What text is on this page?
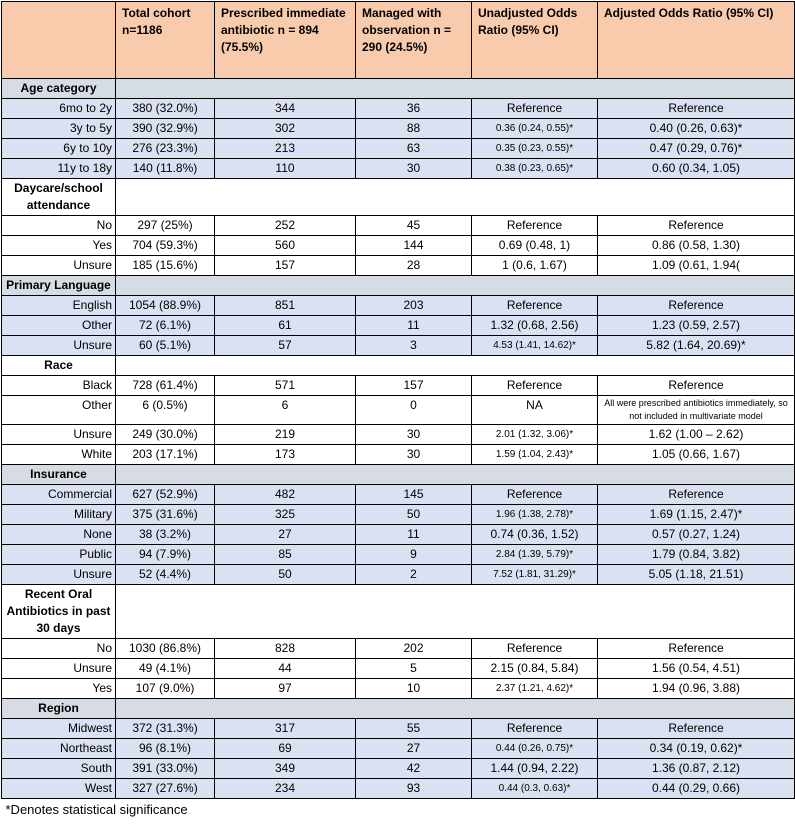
	Total cohort n=1186	Prescribed immediate antibiotic n = 894 (75.5%)	Managed with observation n = 290 (24.5%)	Unadjusted Odds Ratio (95% CI)	Adjusted Odds Ratio (95% CI)
Age category					
6mo to 2y	380 (32.0%)	344	36	Reference	Reference
3y to 5y	390 (32.9%)	302	88	0.36 (0.24, 0.55)*	0.40 (0.26, 0.63)*
6y to 10y	276 (23.3%)	213	63	0.35 (0.23, 0.55)*	0.47 (0.29, 0.76)*
11y to 18y	140 (11.8%)	110	30	0.38 (0.23, 0.65)*	0.60 (0.34, 1.05)
Daycare/school attendance					
No	297 (25%)	252	45	Reference	Reference
Yes	704 (59.3%)	560	144	0.69 (0.48, 1)	0.86 (0.58, 1.30)
Unsure	185 (15.6%)	157	28	1 (0.6, 1.67)	1.09 (0.61, 1.94(
Primary Language					
English	1054 (88.9%)	851	203	Reference	Reference
Other	72 (6.1%)	61	11	1.32 (0.68, 2.56)	1.23 (0.59, 2.57)
Unsure	60 (5.1%)	57	3	4.53 (1.41, 14.62)*	5.82 (1.64, 20.69)*
Race					
Black	728 (61.4%)	571	157	Reference	Reference
Other	6 (0.5%)	6	0	NA	All were prescribed antibiotics immediately, so not included in multivariate model
Unsure	249 (30.0%)	219	30	2.01 (1.32, 3.06)*	1.62 (1.00 – 2.62)
White	203 (17.1%)	173	30	1.59 (1.04, 2.43)*	1.05 (0.66, 1.67)
Insurance					
Commercial	627 (52.9%)	482	145	Reference	Reference
Military	375 (31.6%)	325	50	1.96 (1.38, 2.78)*	1.69 (1.15, 2.47)*
None	38 (3.2%)	27	11	0.74 (0.36, 1.52)	0.57 (0.27, 1.24)
Public	94 (7.9%)	85	9	2.84 (1.39, 5.79)*	1.79 (0.84, 3.82)
Unsure	52 (4.4%)	50	2	7.52 (1.81, 31.29)*	5.05 (1.18, 21.51)
Recent Oral Antibiotics in past 30 days					
No	1030 (86.8%)	828	202	Reference	Reference
Unsure	49 (4.1%)	44	5	2.15 (0.84, 5.84)	1.56 (0.54, 4.51)
Yes	107 (9.0%)	97	10	2.37 (1.21, 4.62)*	1.94 (0.96, 3.88)
Region					
Midwest	372 (31.3%)	317	55	Reference	Reference
Northeast	96 (8.1%)	69	27	0.44 (0.26, 0.75)*	0.34 (0.19, 0.62)*
South	391 (33.0%)	349	42	1.44 (0.94, 2.22)	1.36 (0.87, 2.12)
West	327 (27.6%)	234	93	0.44 (0.3, 0.63)*	0.44 (0.29, 0.66)
*Denotes statistical significance					
